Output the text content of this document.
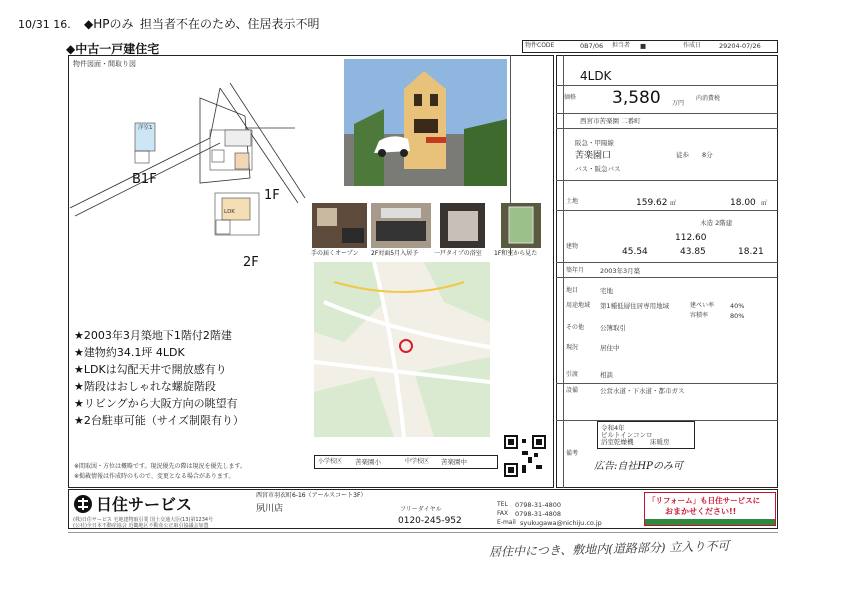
10/31 16. ◆HPのみ 担当者不在のため、住居表示不明
◆中古一戸建住宅	物件CODE	0B7/06 担当者 ■	作成日	29204-07/26
物件図面・間取り図
洋室1
LDK
B1F
1F
2F
手の届くオープン 2F対面5月入居予	一戸タイプの浴室 1F和室から見た
★2003年3月築地下1階付2階建
★建物約34.1坪 4LDK
★LDKは勾配天井で開放感有り
★階段はおしゃれな螺旋階段
★リビングから大阪方向の眺望有
★2台駐車可能（サイズ制限有り）
※間取図・方位は概略です。現況優先の際は現況を優先します。
※掲載情報は作成時のもので、変更となる場合があります。
小学校区 苦楽園小	中学校区 苦楽園中
4LDK
価格 3,580 万円
内消費税
西宮市苦楽園 二番町
阪急・甲陽線
苦楽園口
バス・阪急バス
徒歩 8分
土地	159.62 ㎡	18.00 ㎡
建物
木造 2階建
112.60
45.54	43.85	18.21
築年月 2003年3月築
地目	宅地
用途地域 第1種低層住居専用地域	建ぺい率 40%
容積率	80%
その他 公簿取引
現況	居住中
引渡	相談
設備	公営水道・下水道・都市ガス
令和4年
ビルトインコンロ
浴室乾燥機	床暖房
備考
広告:自社HPのみ可
日住サービス	西宮市羽衣町6-16（アールスコート3F）
夙川店	フリーダイヤル
0120-245-952
TEL 0798-31-4800
FAX 0798-31-4808
E-mail syukugawa@nichiju.co.jp
(株)日住サービス 宅地建物取引業 国土交通大臣(13)第1234号
(公社)全日本不動産協会 近畿地区不動産公正取引協議会加盟
「リフォーム」も日住サービスに
おまかせください!!
居住中につき、敷地内(道路部分) 立入り不可
